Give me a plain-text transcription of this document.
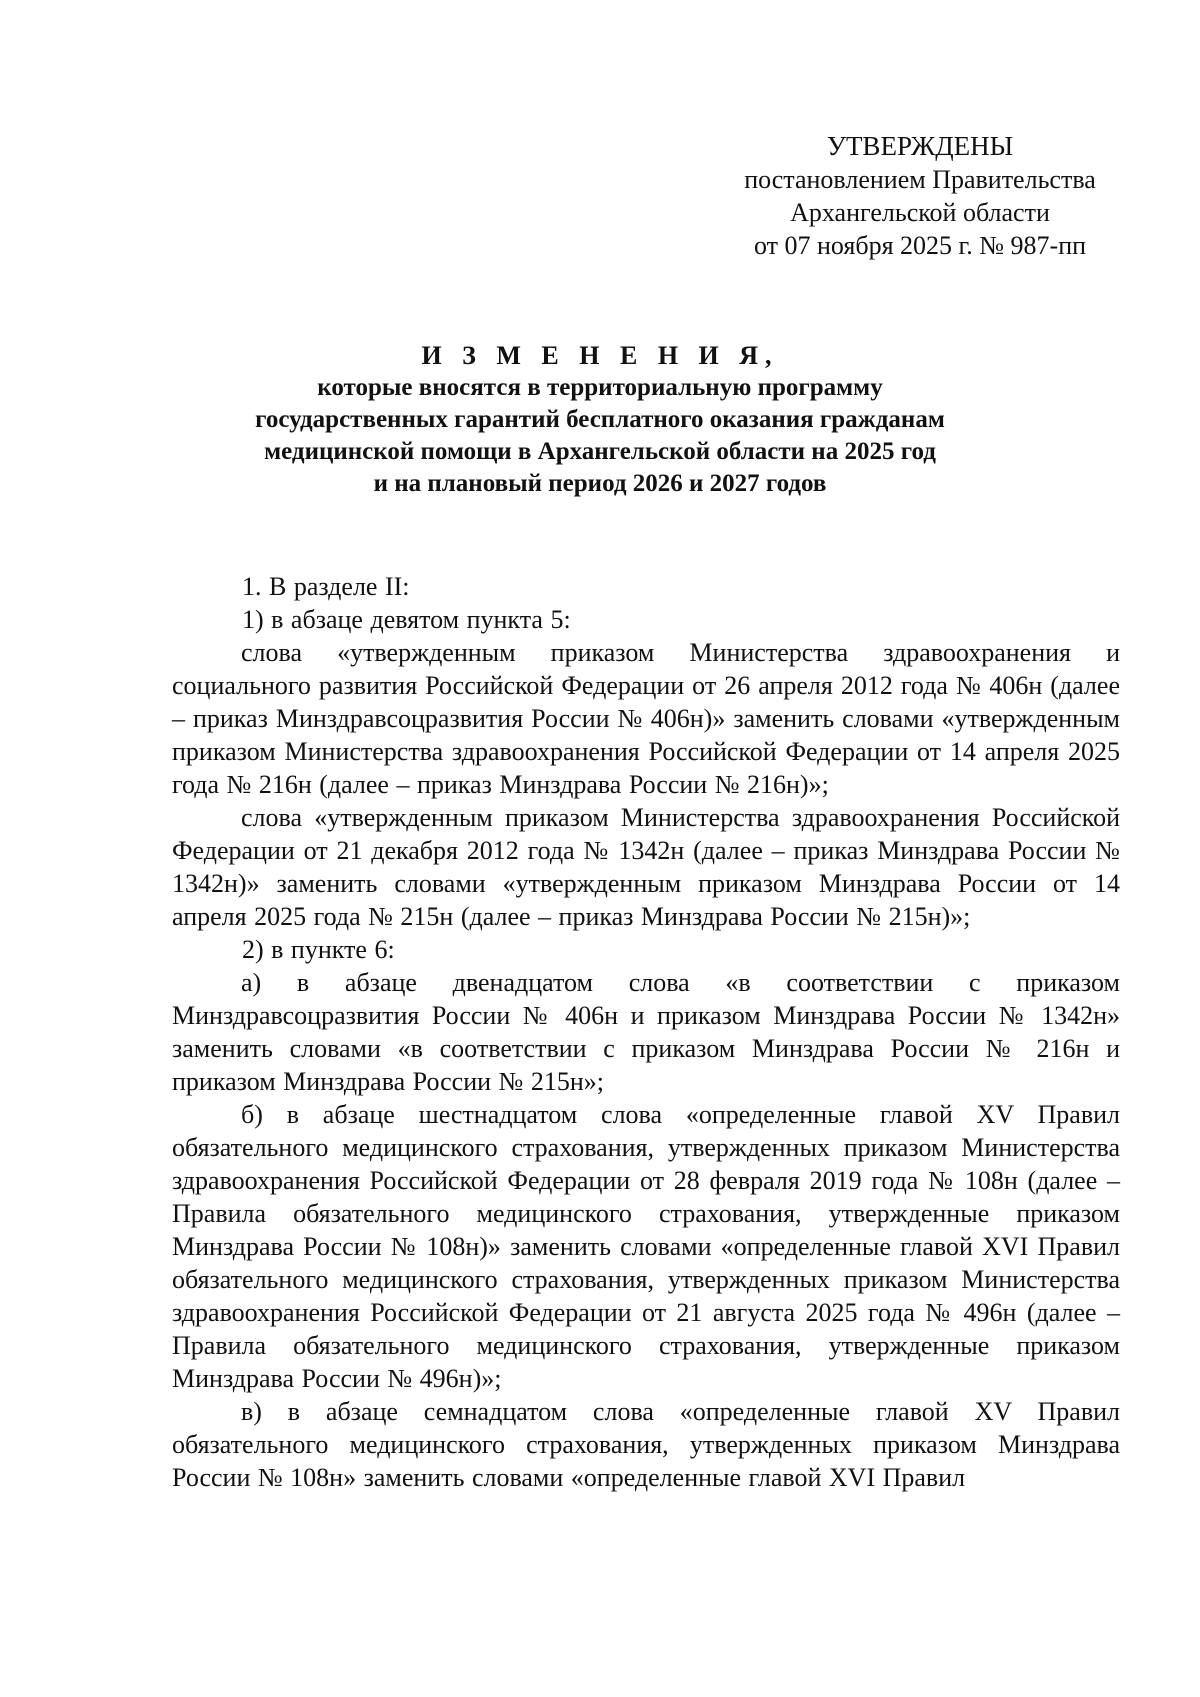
УТВЕРЖДЕНЫ
постановлением Правительства
Архангельской области
от 07 ноября 2025 г. № 987-пп
И З М Е Н Е Н И Я,
которые вносятся в территориальную программу
государственных гарантий бесплатного оказания гражданам
медицинской помощи в Архангельской области на 2025 год
и на плановый период 2026 и 2027 годов

1. В разделе II:

1) в абзаце девятом пункта 5:

слова «утвержденным приказом Министерства здравоохранения и социального развития Российской Федерации от 26 апреля 2012 года № 406н (далее – приказ Минздравсоцразвития России № 406н)» заменить словами «утвержденным приказом Министерства здравоохранения Российской Федерации от 14 апреля 2025 года № 216н (далее – приказ Минздрава России № 216н)»;

слова «утвержденным приказом Министерства здравоохранения Российской Федерации от 21 декабря 2012 года № 1342н (далее – приказ Минздрава России № 1342н)» заменить словами «утвержденным приказом Минздрава России от 14 апреля 2025 года № 215н (далее – приказ Минздрава России № 215н)»;

2) в пункте 6:

а) в абзаце двенадцатом слова «в соответствии с приказом Минздравсоцразвития России № 406н и приказом Минздрава России № 1342н» заменить словами «в соответствии с приказом Минздрава России № 216н и приказом Минздрава России № 215н»;

б) в абзаце шестнадцатом слова «определенные главой XV Правил обязательного медицинского страхования, утвержденных приказом Министерства здравоохранения Российской Федерации от 28 февраля 2019 года № 108н (далее – Правила обязательного медицинского страхования, утвержденные приказом Минздрава России № 108н)» заменить словами «определенные главой XVI Правил обязательного медицинского страхования, утвержденных приказом Министерства здравоохранения Российской Федерации от 21 августа 2025 года № 496н (далее – Правила обязательного медицинского страхования, утвержденные приказом Минздрава России № 496н)»;

в) в абзаце семнадцатом слова «определенные главой XV Правил обязательного медицинского страхования, утвержденных приказом Минздрава России № 108н» заменить словами «определенные главой XVI Правил
